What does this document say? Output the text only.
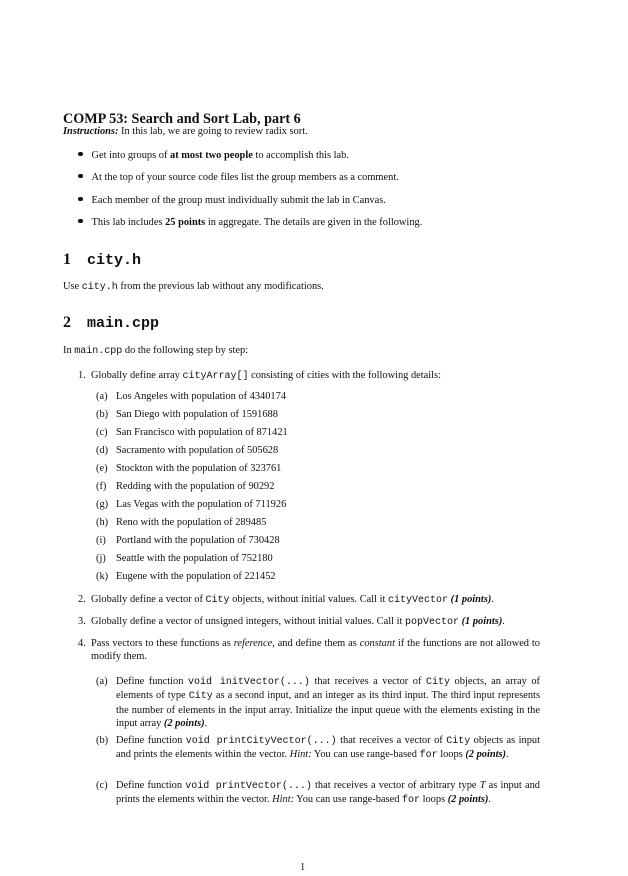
COMP 53: Search and Sort Lab, part 6
Instructions: In this lab, we are going to review radix sort.
Get into groups of at most two people to accomplish this lab.
At the top of your source code files list the group members as a comment.
Each member of the group must individually submit the lab in Canvas.
This lab includes 25 points in aggregate. The details are given in the following.
1 city.h
Use city.h from the previous lab without any modifications.
2 main.cpp
In main.cpp do the following step by step:
1. Globally define array cityArray[] consisting of cities with the following details:
(a) Los Angeles with population of 4340174
(b) San Diego with population of 1591688
(c) San Francisco with population of 871421
(d) Sacramento with population of 505628
(e) Stockton with the population of 323761
(f) Redding with the population of 90292
(g) Las Vegas with the population of 711926
(h) Reno with the population of 289485
(i) Portland with the population of 730428
(j) Seattle with the population of 752180
(k) Eugene with the population of 221452
2. Globally define a vector of City objects, without initial values. Call it cityVector (1 points).
3. Globally define a vector of unsigned integers, without initial values. Call it popVector (1 points).
4. Pass vectors to these functions as reference, and define them as constant if the functions are not allowed to modify them.
(a) Define function void initVector(...) that receives a vector of City objects, an array of elements of type City as a second input, and an integer as its third input. The third input represents the number of elements in the input array. Initialize the input queue with the elements existing in the input array (2 points).
(b) Define function void printCityVector(...) that receives a vector of City objects as input and prints the elements within the vector. Hint: You can use range-based for loops (2 points).
(c) Define function void printVector(...) that receives a vector of arbitrary type T as input and prints the elements within the vector. Hint: You can use range-based for loops (2 points).
1
